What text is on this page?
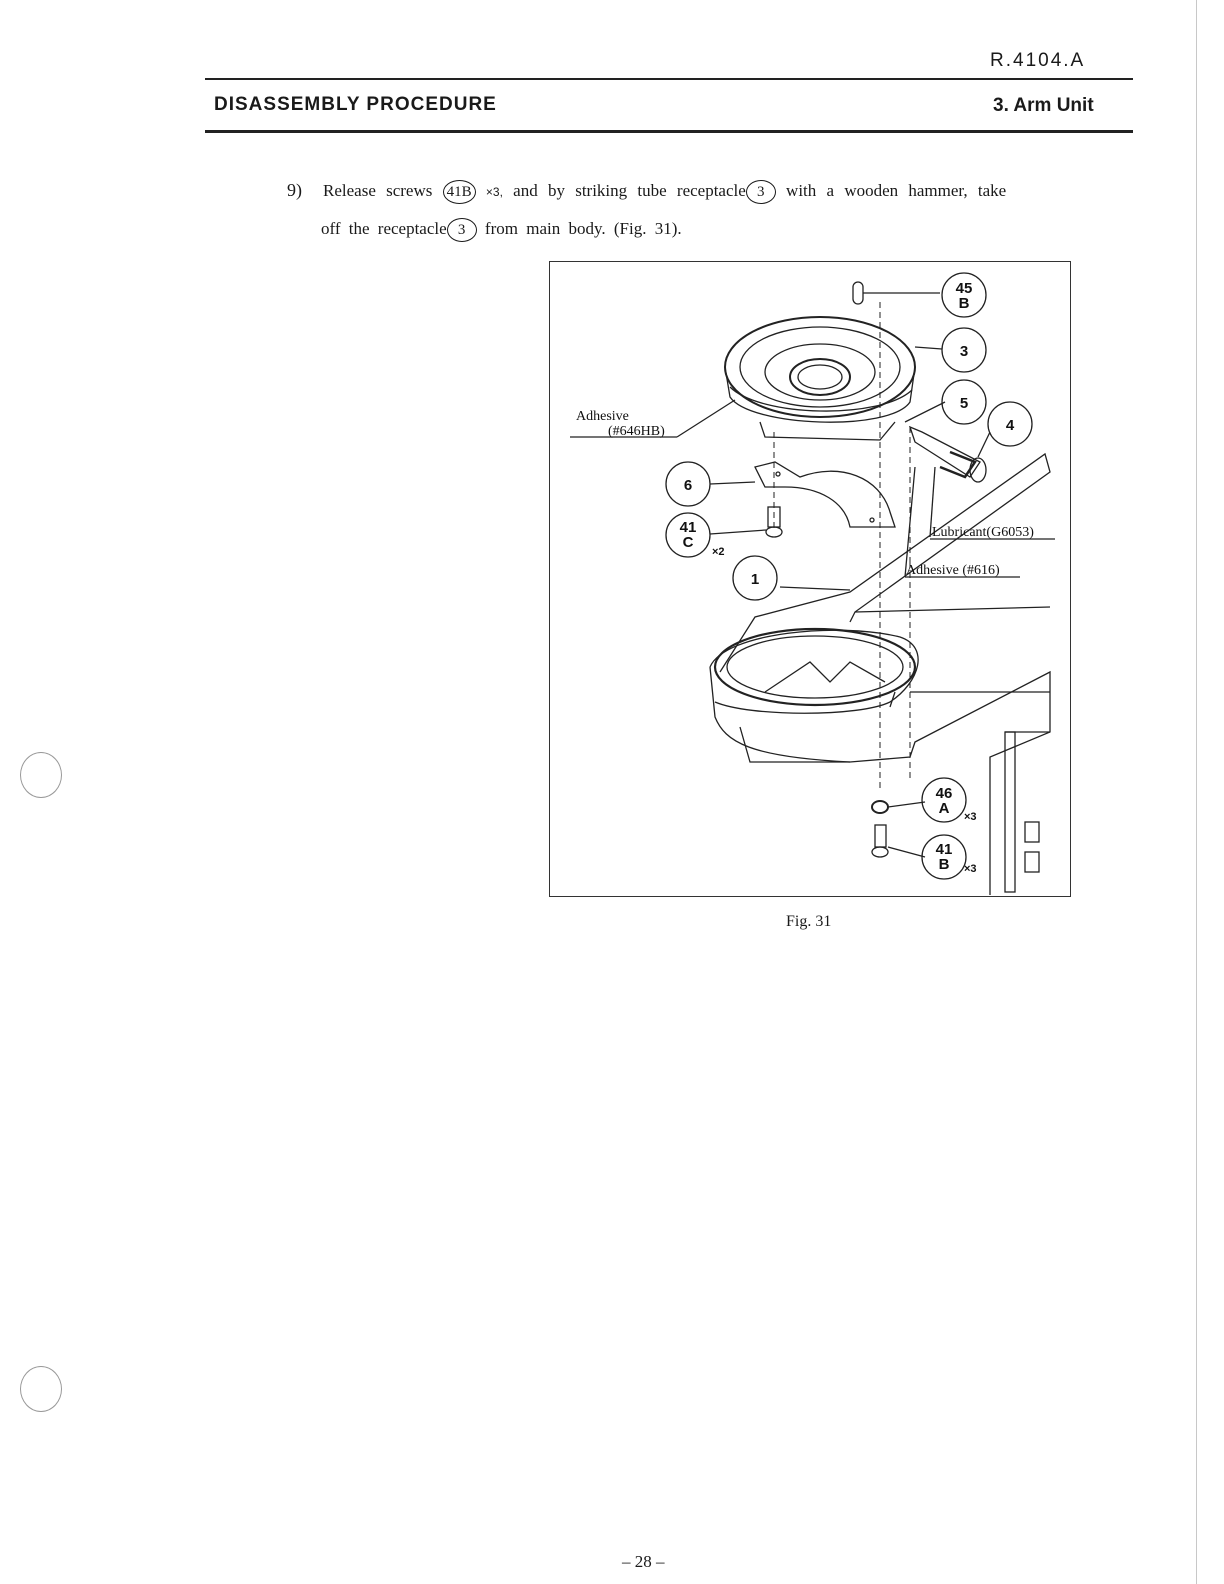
R.4104.A
DISASSEMBLY PROCEDURE	3. Arm Unit
9) Release screws 41B ×3, and by striking tube receptacle 3 with a wooden hammer, take
off the receptacle 3 from main body. (Fig. 31).
45
B
3
5
4
6
41
C
1
46
A
41
B
×2
×3
×3
Adhesive
(#646HB)
Lubricant(G6053)
Adhesive (#616)
Fig. 31
– 28 –
